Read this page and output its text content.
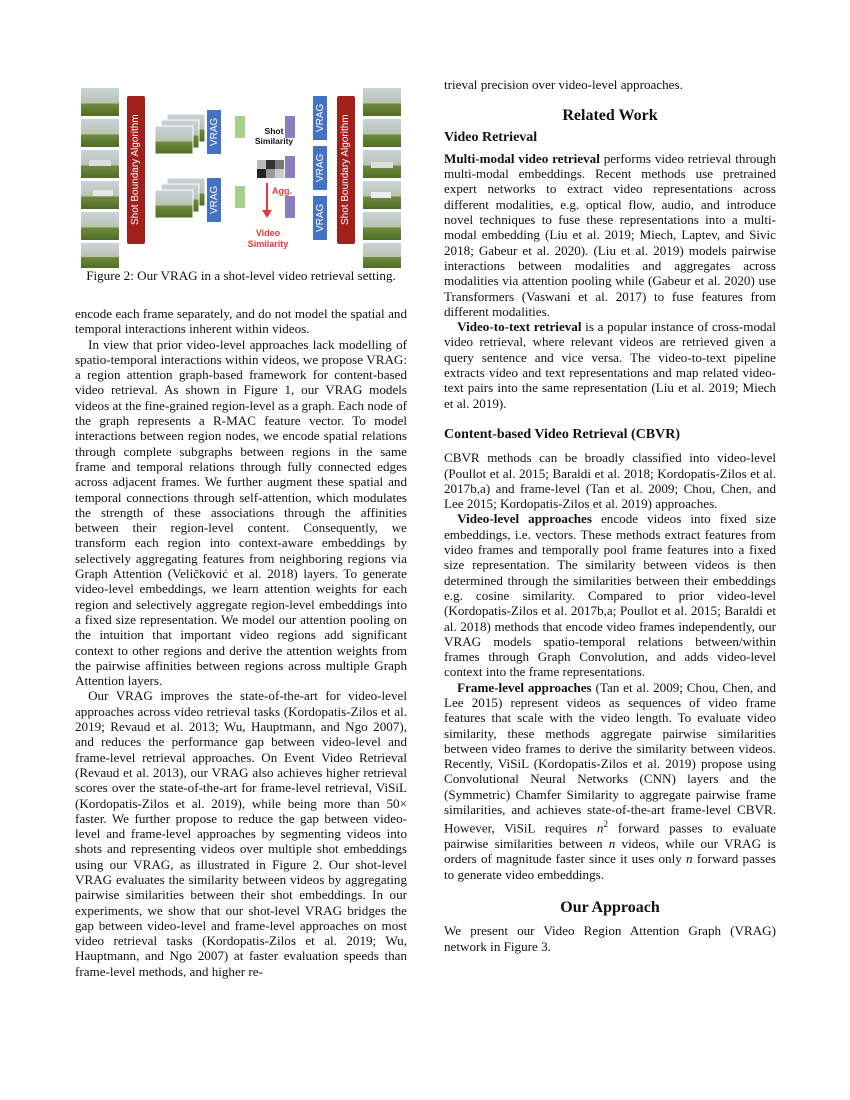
Shot Boundary Algorithm	Shot Boundary Algorithm
VRAG
VRAG
VRAG
VRAG
VRAG
Shot
Similarity
Agg.
Video
Similarity
Figure 2: Our VRAG in a shot-level video retrieval setting.

encode each frame separately, and do not model the spatial and temporal interactions inherent within videos.

In view that prior video-level approaches lack modelling of spatio-temporal interactions within videos, we propose VRAG: a region attention graph-based framework for content-based video retrieval. As shown in Figure 1, our VRAG models videos at the fine-grained region-level as a graph. Each node of the graph represents a R-MAC feature vector. To model interactions between region nodes, we encode spatial relations through complete subgraphs between regions in the same frame and temporal relations through fully connected edges across adjacent frames. We further augment these spatial and temporal connections through self-attention, which modulates the strength of these associations through the affinities between their region-level content. Consequently, we transform each region into context-aware embeddings by selectively aggregating features from neighboring regions via Graph Attention (Veličković et al. 2018) layers. To generate video-level embeddings, we learn attention weights for each region and selectively aggregate region-level embeddings into a fixed size representation. We model our attention pooling on the intuition that important video regions add significant context to other regions and derive the attention weights from the pairwise affinities between regions across multiple Graph Attention layers.

Our VRAG improves the state-of-the-art for video-level approaches across video retrieval tasks (Kordopatis-Zilos et al. 2019; Revaud et al. 2013; Wu, Hauptmann, and Ngo 2007), and reduces the performance gap between video-level and frame-level retrieval approaches. On Event Video Retrieval (Revaud et al. 2013), our VRAG also achieves higher retrieval scores over the state-of-the-art for frame-level retrieval, ViSiL (Kordopatis-Zilos et al. 2019), while being more than 50× faster. We further propose to reduce the gap between video-level and frame-level approaches by segmenting videos into shots and representing videos over multiple shot embeddings using our VRAG, as illustrated in Figure 2. Our shot-level VRAG evaluates the similarity between videos by aggregating pairwise similarities between their shot embeddings. In our experiments, we show that our shot-level VRAG bridges the gap between video-level and frame-level approaches on most video retrieval tasks (Kordopatis-Zilos et al. 2019; Wu, Hauptmann, and Ngo 2007) at faster evaluation speeds than frame-level methods, and higher re-

trieval precision over video-level approaches.

Related Work
Video Retrieval

Multi-modal video retrieval performs video retrieval through multi-modal embeddings. Recent methods use pretrained expert networks to extract video representations across different modalities, e.g. optical flow, audio, and introduce novel techniques to fuse these representations into a multi-modal embedding (Liu et al. 2019; Miech, Laptev, and Sivic 2018; Gabeur et al. 2020). (Liu et al. 2019) models pairwise interactions between modalities and aggregates across modalities via attention pooling while (Gabeur et al. 2020) use Transformers (Vaswani et al. 2017) to fuse features from different modalities.

Video-to-text retrieval is a popular instance of cross-modal video retrieval, where relevant videos are retrieved given a query sentence and vice versa. The video-to-text pipeline extracts video and text representations and map related video-text pairs into the same representation (Liu et al. 2019; Miech et al. 2019).

Content-based Video Retrieval (CBVR)

CBVR methods can be broadly classified into video-level (Poullot et al. 2015; Baraldi et al. 2018; Kordopatis-Zilos et al. 2017b,a) and frame-level (Tan et al. 2009; Chou, Chen, and Lee 2015; Kordopatis-Zilos et al. 2019) approaches.

Video-level approaches encode videos into fixed size embeddings, i.e. vectors. These methods extract features from video frames and temporally pool frame features into a fixed size representation. The similarity between videos is then determined through the similarities between their embeddings e.g. cosine similarity. Compared to prior video-level (Kordopatis-Zilos et al. 2017b,a; Poullot et al. 2015; Baraldi et al. 2018) methods that encode video frames independently, our VRAG models spatio-temporal relations between/within frames through Graph Convolution, and adds video-level context into the frame representations.

Frame-level approaches (Tan et al. 2009; Chou, Chen, and Lee 2015) represent videos as sequences of video frame features that scale with the video length. To evaluate video similarity, these methods aggregate pairwise similarities between video frames to derive the similarity between videos. Recently, ViSiL (Kordopatis-Zilos et al. 2019) propose using Convolutional Neural Networks (CNN) layers and the (Symmetric) Chamfer Similarity to aggregate pairwise frame similarities, and achieves state-of-the-art frame-level CBVR. However, ViSiL requires $n^2$ forward passes to evaluate pairwise similarities between n videos, while our VRAG is orders of magnitude faster since it uses only n forward passes to generate video embeddings.

Our Approach

We present our Video Region Attention Graph (VRAG) network in Figure 3.
